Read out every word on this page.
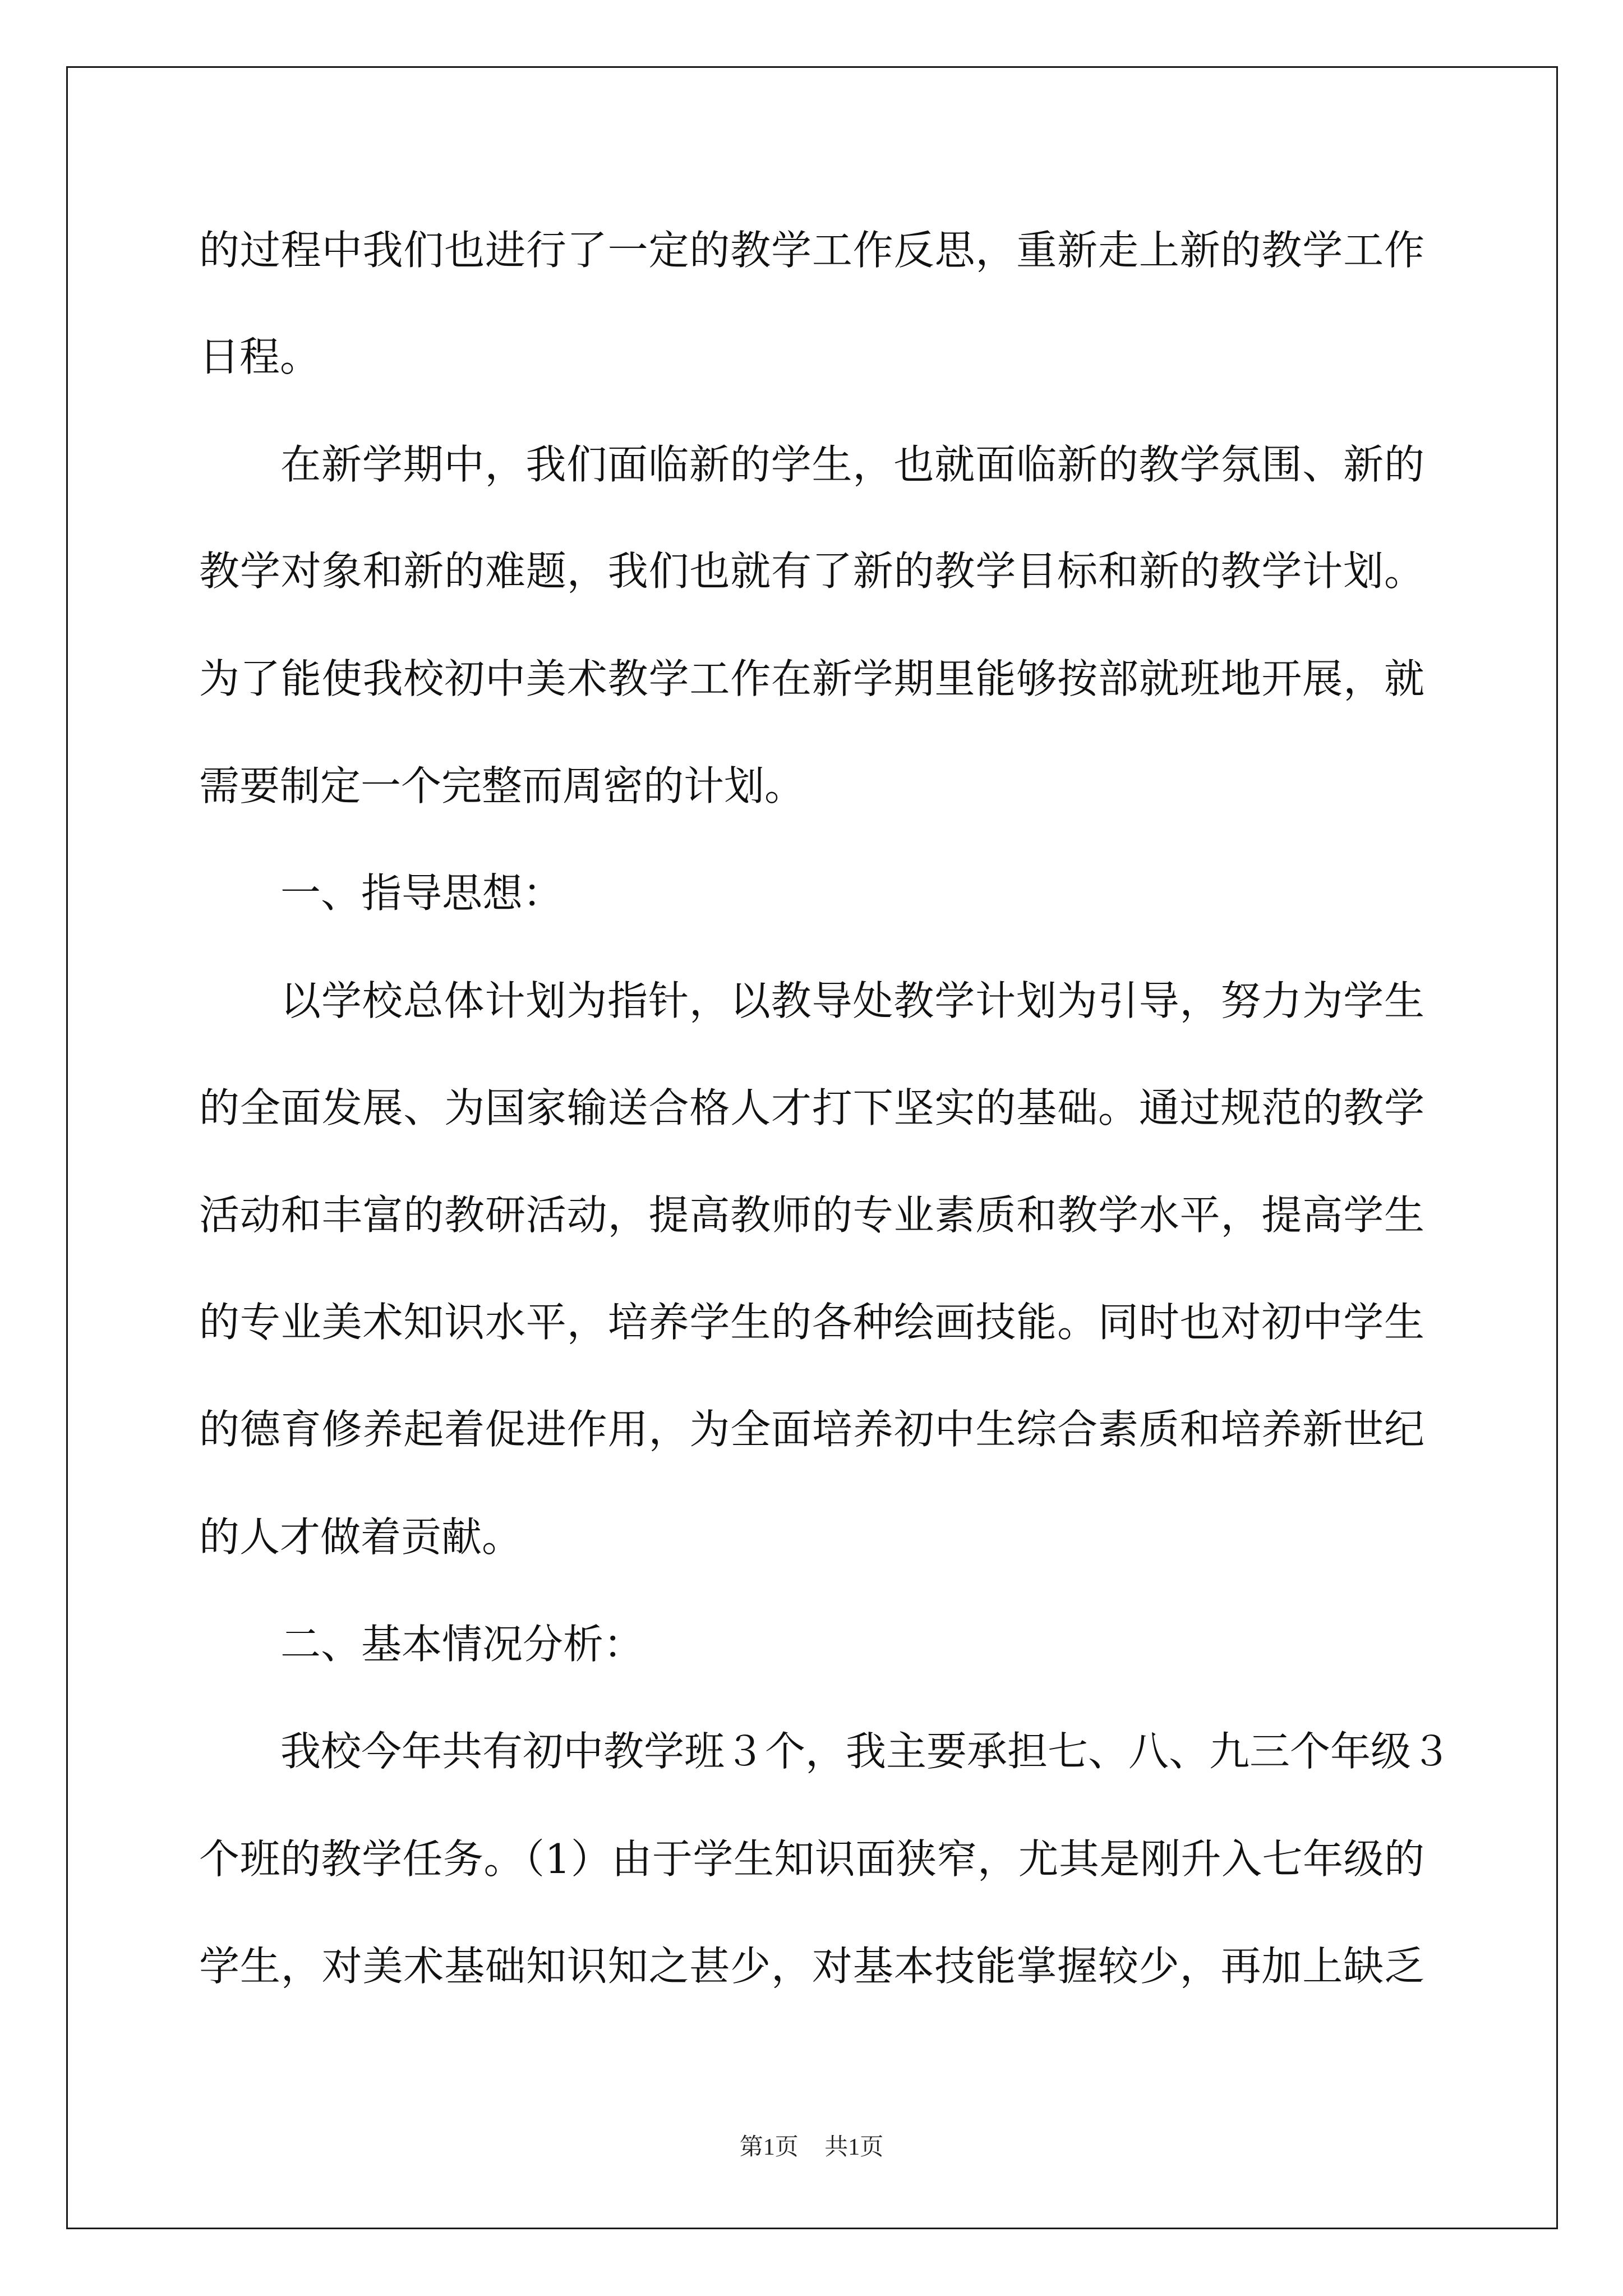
的过程中我们也进行了一定的教学工作反思，重新走上新的教学工作
日程。
在新学期中，我们面临新的学生，也就面临新的教学氛围、新的
教学对象和新的难题，我们也就有了新的教学目标和新的教学计划。
为了能使我校初中美术教学工作在新学期里能够按部就班地开展，就
需要制定一个完整而周密的计划。
一、指导思想：
以学校总体计划为指针，以教导处教学计划为引导，努力为学生
的全面发展、为国家输送合格人才打下坚实的基础。通过规范的教学
活动和丰富的教研活动，提高教师的专业素质和教学水平，提高学生
的专业美术知识水平，培养学生的各种绘画技能。同时也对初中学生
的德育修养起着促进作用，为全面培养初中生综合素质和培养新世纪
的人才做着贡献。
二、基本情况分析：
我校今年共有初中教学班３个，我主要承担七、八、九三个年级３
个班的教学任务。（1）由于学生知识面狭窄，尤其是刚升入七年级的
学生，对美术基础知识知之甚少，对基本技能掌握较少，再加上缺乏
第1页 共1页
